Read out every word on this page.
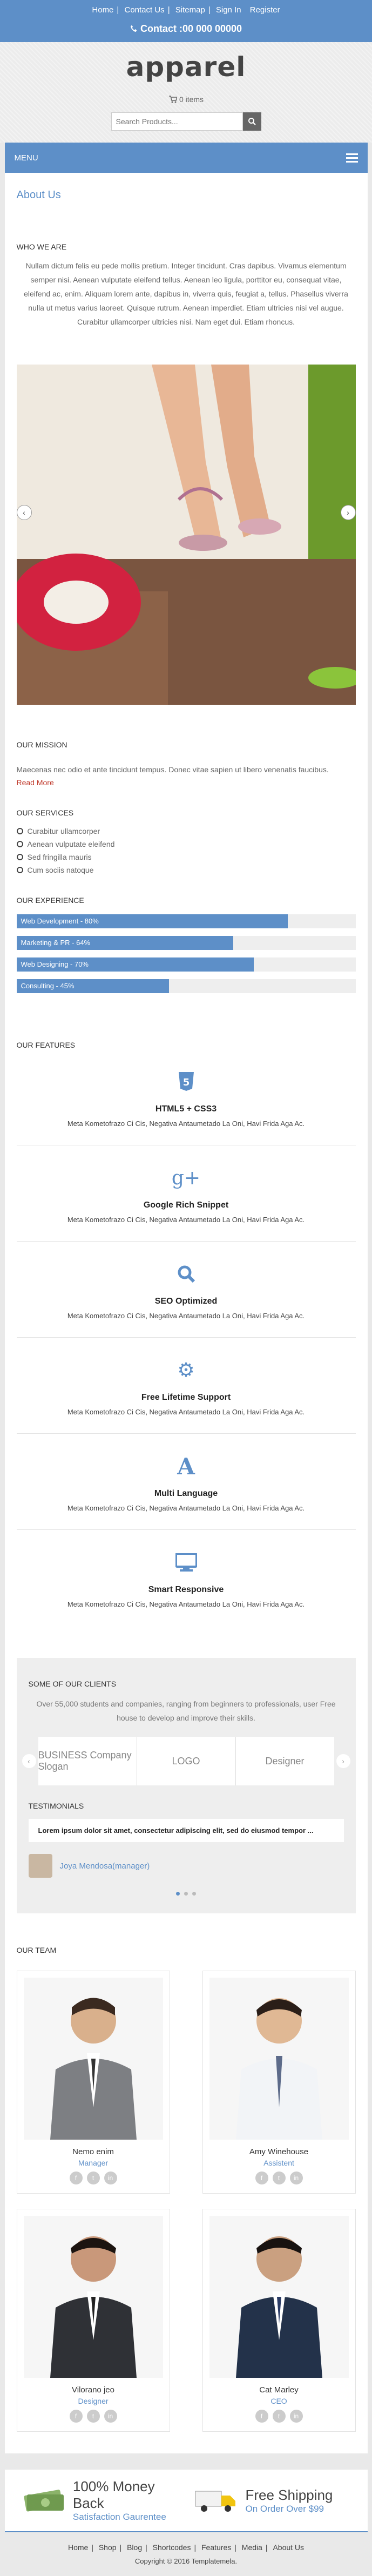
Home | Contact Us | Sitemap | Sign In Register
Contact :00 000 00000
apparel
0 items
Search Products...
MENU
About Us
WHO WE ARE
Nullam dictum felis eu pede mollis pretium. Integer tincidunt. Cras dapibus. Vivamus elementum semper nisi. Aenean vulputate eleifend tellus. Aenean leo ligula, porttitor eu, consequat vitae, eleifend ac, enim. Aliquam lorem ante, dapibus in, viverra quis, feugiat a, tellus. Phasellus viverra nulla ut metus varius laoreet. Quisque rutrum. Aenean imperdiet. Etiam ultricies nisi vel augue. Curabitur ullamcorper ultricies nisi. Nam eget dui. Etiam rhoncus.
‹	›
OUR MISSION

Maecenas nec odio et ante tincidunt tempus. Donec vitae sapien ut libero venenatis faucibus.

Read More
OUR SERVICES
Curabitur ullamcorper
Aenean vulputate eleifend
Sed fringilla mauris
Cum sociis natoque
OUR EXPERIENCE
Web Development - 80%
Marketing & PR - 64%
Web Designing - 70%
Consulting - 45%
OUR FEATURES
5
HTML5 + CSS3
Meta Kometofrazo Ci Cis, Negativa Antaumetado La Oni, Havi Frida Aga Ac.
g+
Google Rich Snippet
Meta Kometofrazo Ci Cis, Negativa Antaumetado La Oni, Havi Frida Aga Ac.
SEO Optimized
Meta Kometofrazo Ci Cis, Negativa Antaumetado La Oni, Havi Frida Aga Ac.
⚙
Free Lifetime Support
Meta Kometofrazo Ci Cis, Negativa Antaumetado La Oni, Havi Frida Aga Ac.
A
Multi Language
Meta Kometofrazo Ci Cis, Negativa Antaumetado La Oni, Havi Frida Aga Ac.
Smart Responsive
Meta Kometofrazo Ci Cis, Negativa Antaumetado La Oni, Havi Frida Aga Ac.
SOME OF OUR CLIENTS
Over 55,000 students and companies, ranging from beginners to professionals, user Free house to develop and improve their skills.
‹
BUSINESS Company Slogan
LOGO	Designer	›
TESTIMONIALS
Lorem ipsum dolor sit amet, consectetur adipiscing elit, sed do eiusmod tempor ...
Joya Mendosa(manager)
OUR TEAM
Nemo enim
Manager
f	t	in
Amy Winehouse
Assistent
f	t	in
Vilorano jeo
Designer
f	t	in
Cat Marley
CEO
f	t	in
100% Money Back
Satisfaction Gaurentee
Free Shipping
On Order Over $99
Home | Shop | Blog | Shortcodes | Features | Media | About Us
Copyright © 2016 Templatemela.
